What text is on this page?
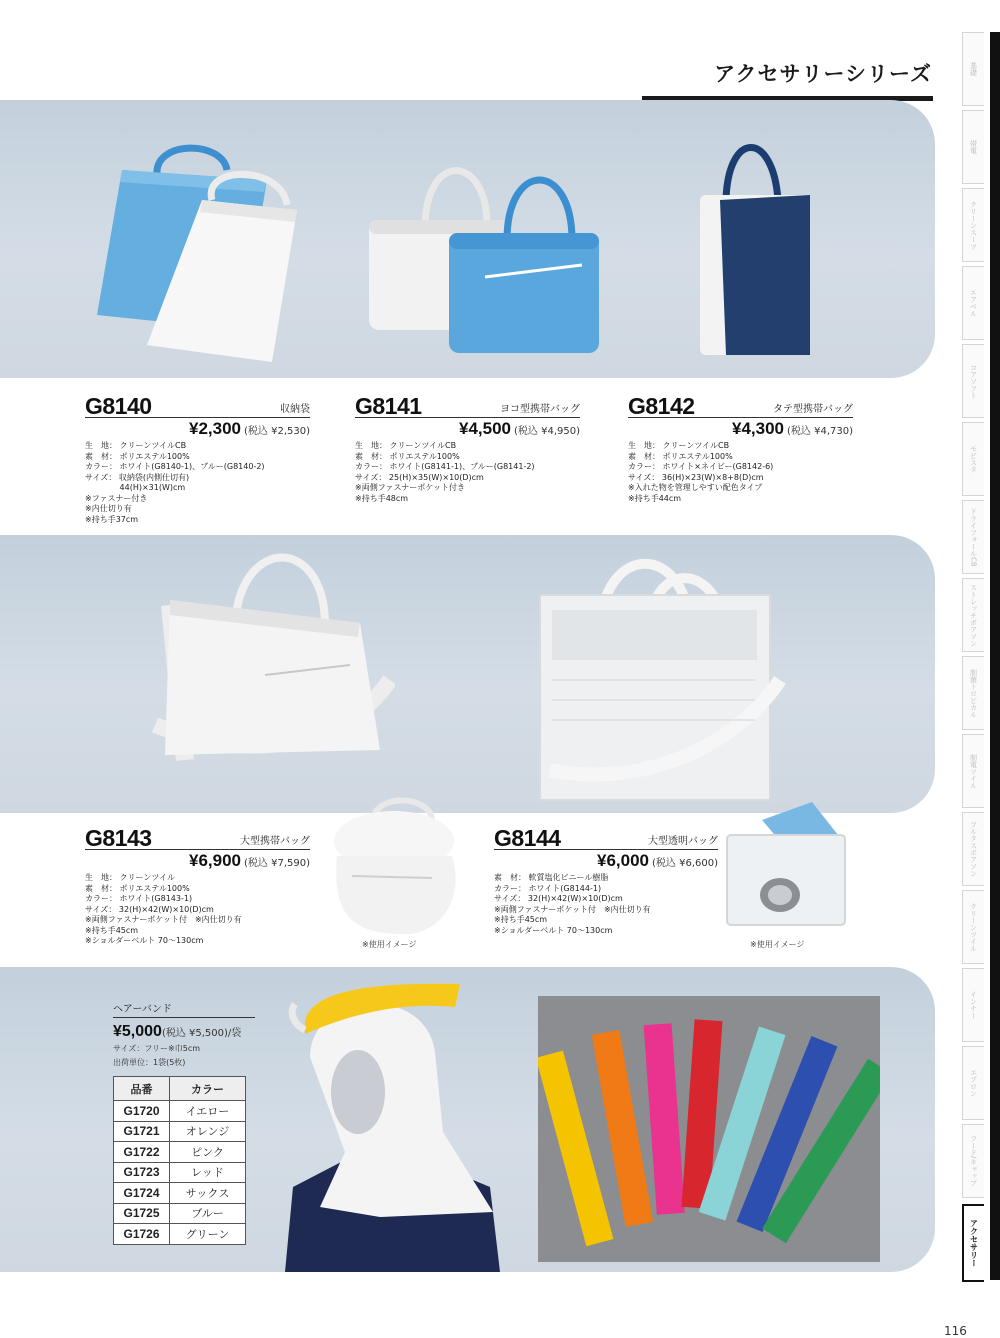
アクセサリーシリーズ
G8140	収納袋
¥2,300 (税込 ¥2,530)
生　地： クリーンツイルCB
素　材： ポリエステル100%
カラー： ホワイト(G8140-1)、ブルー(G8140-2)
サイズ： 収納袋(内側仕切有)
　　　　 44(H)×31(W)cm
※ファスナー付き
※内仕切り有
※持ち手37cm
G8141	ヨコ型携帯バッグ
¥4,500 (税込 ¥4,950)
生　地： クリーンツイルCB
素　材： ポリエステル100%
カラー： ホワイト(G8141-1)、ブルー(G8141-2)
サイズ： 25(H)×35(W)×10(D)cm
※両側ファスナーポケット付き
※持ち手48cm
G8142	タテ型携帯バッグ
¥4,300 (税込 ¥4,730)
生　地： クリーンツイルCB
素　材： ポリエステル100%
カラー： ホワイト×ネイビー(G8142-6)
サイズ： 36(H)×23(W)×8+8(D)cm
※入れた物を管理しやすい配色タイプ
※持ち手44cm
※使用イメージ	※使用イメージ
G8143	大型携帯バッグ
¥6,900 (税込 ¥7,590)
生　地： クリーンツイル
素　材： ポリエステル100%
カラー： ホワイト(G8143-1)
サイズ： 32(H)×42(W)×10(D)cm
※両側ファスナーポケット付　※内仕切り有
※持ち手45cm
※ショルダーベルト 70～130cm
G8144	大型透明バッグ
¥6,000 (税込 ¥6,600)
素　材： 軟質塩化ビニール樹脂
カラー： ホワイト(G8144-1)
サイズ： 32(H)×42(W)×10(D)cm
※両側ファスナーポケット付　※内仕切り有
※持ち手45cm
※ショルダーベルト 70～130cm
ヘアーバンド
¥5,000(税込 ¥5,500)/袋
サイズ：フリー※巾5cm
出荷単位：1袋(5枚)
品番	カラー
G1720	イエロー
G1721	オレンジ
G1722	ピンク
G1723	レッド
G1724	サックス
G1725	ブルー
G1726	グリーン
基礎
帯電
クリーンスーツ
エアベル
コアソフト
モビスタ
ドライフォールCB
ストレッチボアソン
制菌トロピカル
制電ツイル
フルタスボアソン
クリーンツイル
インナー
エプロン
フード/キャップ
アクセサリー
116
